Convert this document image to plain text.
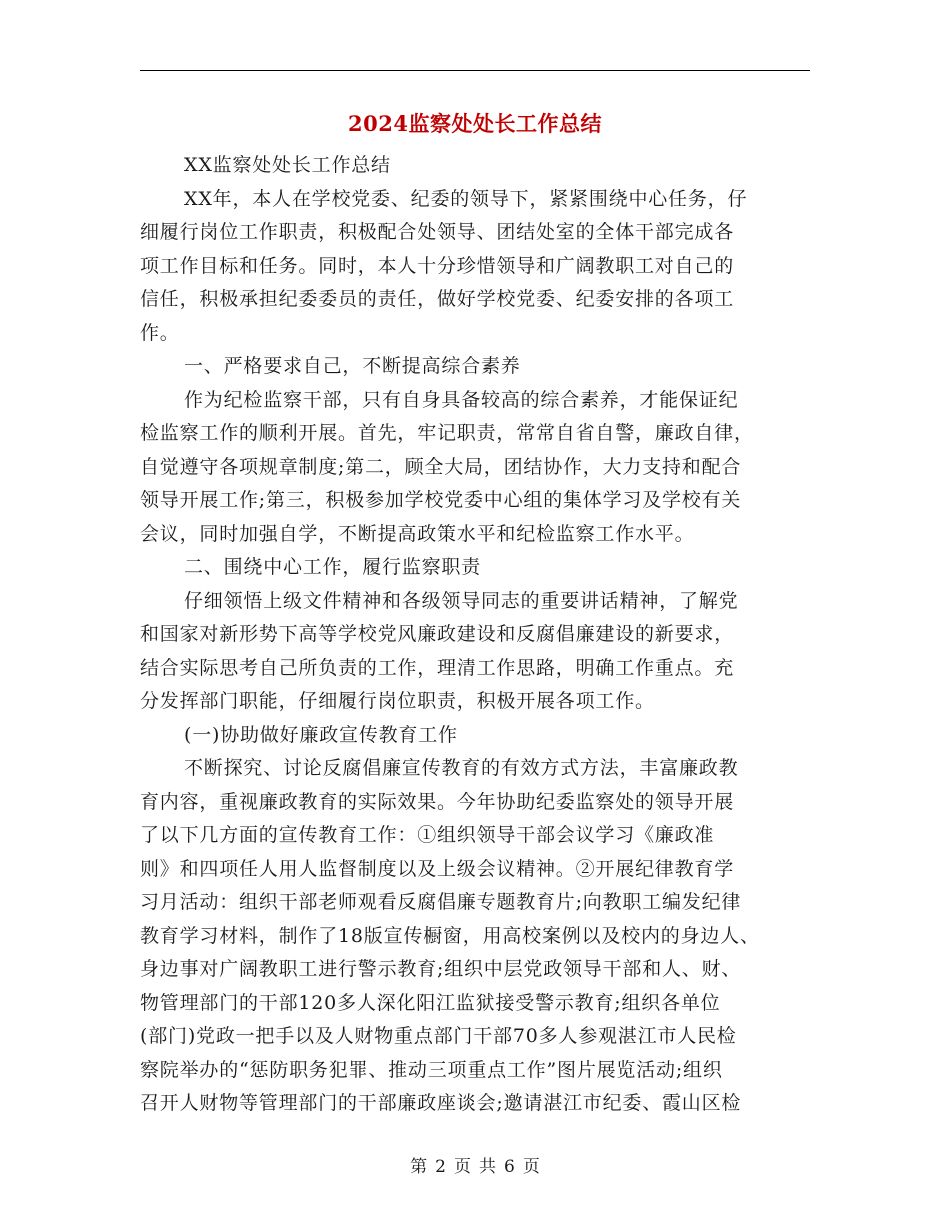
2024监察处处长工作总结
XX监察处处长工作总结
XX年，本人在学校党委、纪委的领导下，紧紧围绕中心任务，仔
细履行岗位工作职责，积极配合处领导、团结处室的全体干部完成各
项工作目标和任务。同时，本人十分珍惜领导和广阔教职工对自己的
信任，积极承担纪委委员的责任，做好学校党委、纪委安排的各项工
作。
一、严格要求自己，不断提高综合素养
作为纪检监察干部，只有自身具备较高的综合素养，才能保证纪
检监察工作的顺利开展。首先，牢记职责，常常自省自警，廉政自律，
自觉遵守各项规章制度;第二，顾全大局，团结协作，大力支持和配合
领导开展工作;第三，积极参加学校党委中心组的集体学习及学校有关
会议，同时加强自学，不断提高政策水平和纪检监察工作水平。
二、围绕中心工作，履行监察职责
仔细领悟上级文件精神和各级领导同志的重要讲话精神，了解党
和国家对新形势下高等学校党风廉政建设和反腐倡廉建设的新要求，
结合实际思考自己所负责的工作，理清工作思路，明确工作重点。充
分发挥部门职能，仔细履行岗位职责，积极开展各项工作。
(一)协助做好廉政宣传教育工作
不断探究、讨论反腐倡廉宣传教育的有效方式方法，丰富廉政教
育内容，重视廉政教育的实际效果。今年协助纪委监察处的领导开展
了以下几方面的宣传教育工作：①组织领导干部会议学习《廉政准
则》和四项任人用人监督制度以及上级会议精神。②开展纪律教育学
习月活动：组织干部老师观看反腐倡廉专题教育片;向教职工编发纪律
教育学习材料，制作了18版宣传橱窗，用高校案例以及校内的身边人、
身边事对广阔教职工进行警示教育;组织中层党政领导干部和人、财、
物管理部门的干部120多人深化阳江监狱接受警示教育;组织各单位
(部门)党政一把手以及人财物重点部门干部70多人参观湛江市人民检
察院举办的“惩防职务犯罪、推动三项重点工作”图片展览活动;组织
召开人财物等管理部门的干部廉政座谈会;邀请湛江市纪委、霞山区检
第 2 页 共 6 页
